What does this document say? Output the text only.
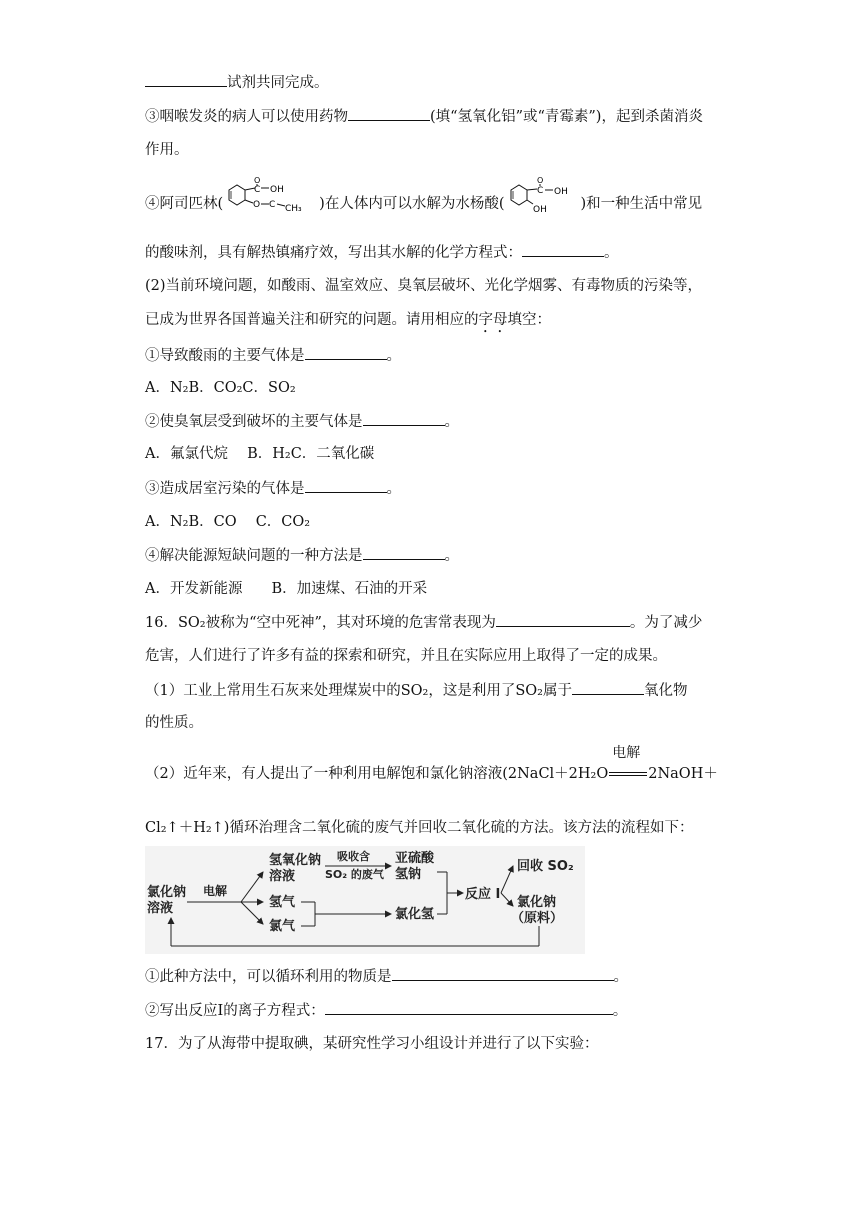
试剂共同完成。
③咽喉发炎的病人可以使用药物	(填“氢氧化铝”或“青霉素”)，起到杀菌消炎
作用。
④阿司匹林(
C
O
OH
O C CH₃ )在人体内可以水解为水杨酸(
C
O
OH
OH )和一种生活中常见
的酸味剂，具有解热镇痛疗效，写出其水解的化学方程式：	。
(2)当前环境问题，如酸雨、温室效应、臭氧层破坏、光化学烟雾、有毒物质的污染等，
已成为世界各国普遍关注和研究的问题。请用相应的字母填空：
①导致酸雨的主要气体是	。
A．N₂B．CO₂C．SO₂
②使臭氧层受到破坏的主要气体是	。
A．氟氯代烷　 B．H₂C．二氧化碳
③造成居室污染的气体是	。
A．N₂B．CO　 C．CO₂
④解决能源短缺问题的一种方法是	。
A．开发新能源　　B．加速煤、石油的开采
16．SO₂被称为“空中死神”，其对环境的危害常表现为	。为了减少
危害，人们进行了许多有益的探索和研究，并且在实际应用上取得了一定的成果。
（1）工业上常用生石灰来处理煤炭中的SO₂，这是利用了SO₂属于	氧化物
的性质。
（2）近年来，有人提出了一种利用电解饱和氯化钠溶液(2NaCl＋2H₂O
电解
2NaOH＋
Cl₂↑＋H₂↑)循环治理含二氧化硫的废气并回收二氧化硫的方法。该方法的流程如下：
氯化钠
溶液
电解
氢氧化钠
溶液
吸收含
SO₂ 的废气
亚硫酸
氢钠
氢气
氯气
氯化氢
反应 I
回收 SO₂
氯化钠
（原料）
①此种方法中，可以循环利用的物质是	。
②写出反应Ⅰ的离子方程式：	。
17．为了从海带中提取碘，某研究性学习小组设计并进行了以下实验：
